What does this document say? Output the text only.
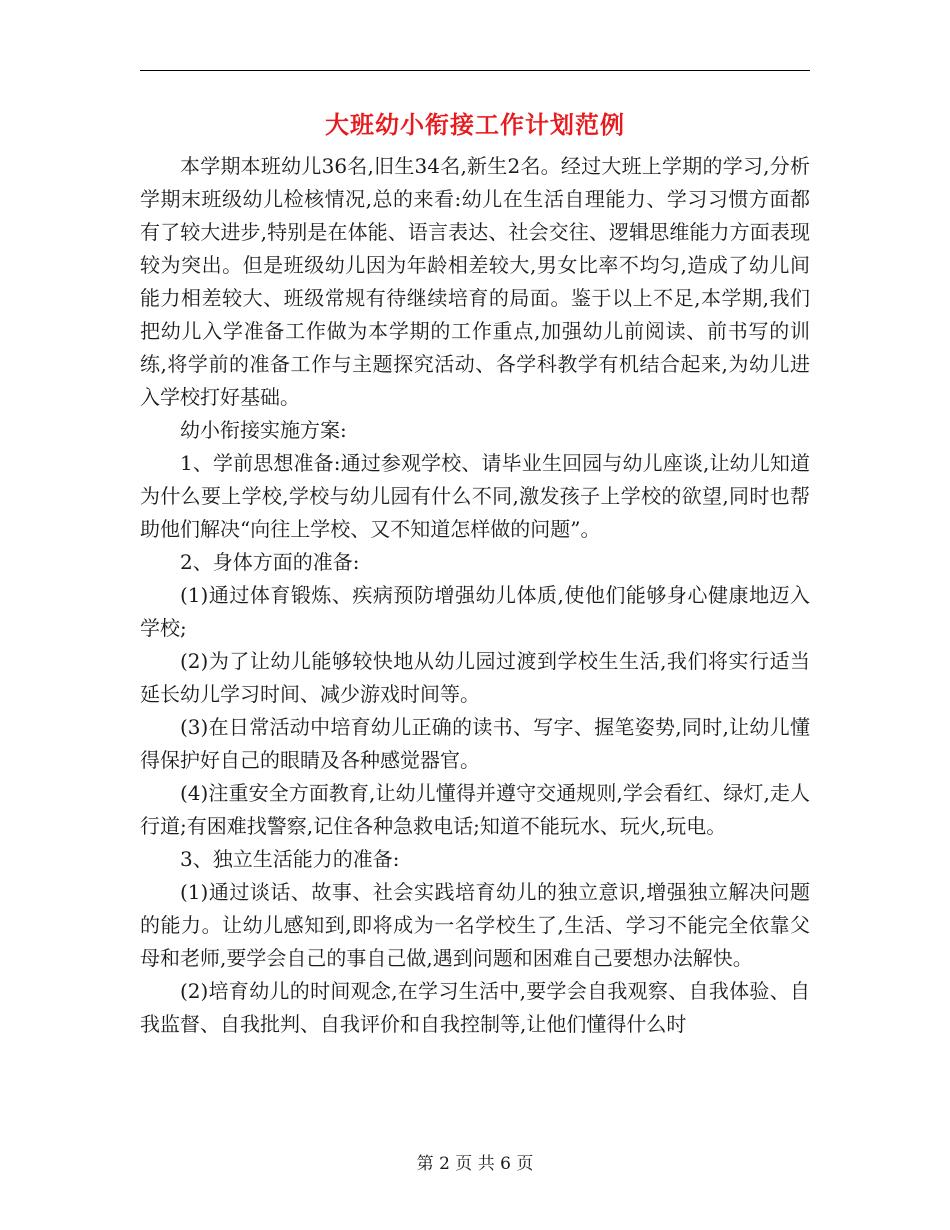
大班幼小衔接工作计划范例

本学期本班幼儿36名,旧生34名,新生2名。经过大班上学期的学习,分析学期末班级幼儿检核情况,总的来看:幼儿在生活自理能力、学习习惯方面都有了较大进步,特别是在体能、语言表达、社会交往、逻辑思维能力方面表现较为突出。但是班级幼儿因为年龄相差较大,男女比率不均匀,造成了幼儿间能力相差较大、班级常规有待继续培育的局面。鉴于以上不足,本学期,我们把幼儿入学准备工作做为本学期的工作重点,加强幼儿前阅读、前书写的训练,将学前的准备工作与主题探究活动、各学科教学有机结合起来,为幼儿进入学校打好基础。

幼小衔接实施方案:

1、学前思想准备:通过参观学校、请毕业生回园与幼儿座谈,让幼儿知道为什么要上学校,学校与幼儿园有什么不同,激发孩子上学校的欲望,同时也帮助他们解决“向往上学校、又不知道怎样做的问题”。

2、身体方面的准备:

(1)通过体育锻炼、疾病预防增强幼儿体质,使他们能够身心健康地迈入学校;

(2)为了让幼儿能够较快地从幼儿园过渡到学校生生活,我们将实行适当延长幼儿学习时间、减少游戏时间等。

(3)在日常活动中培育幼儿正确的读书、写字、握笔姿势,同时,让幼儿懂得保护好自己的眼睛及各种感觉器官。

(4)注重安全方面教育,让幼儿懂得并遵守交通规则,学会看红、绿灯,走人行道;有困难找警察,记住各种急救电话;知道不能玩水、玩火,玩电。

3、独立生活能力的准备:

(1)通过谈话、故事、社会实践培育幼儿的独立意识,增强独立解决问题的能力。让幼儿感知到,即将成为一名学校生了,生活、学习不能完全依靠父母和老师,要学会自己的事自己做,遇到问题和困难自己要想办法解快。

(2)培育幼儿的时间观念,在学习生活中,要学会自我观察、自我体验、自我监督、自我批判、自我评价和自我控制等,让他们懂得什么时

第 2 页 共 6 页
